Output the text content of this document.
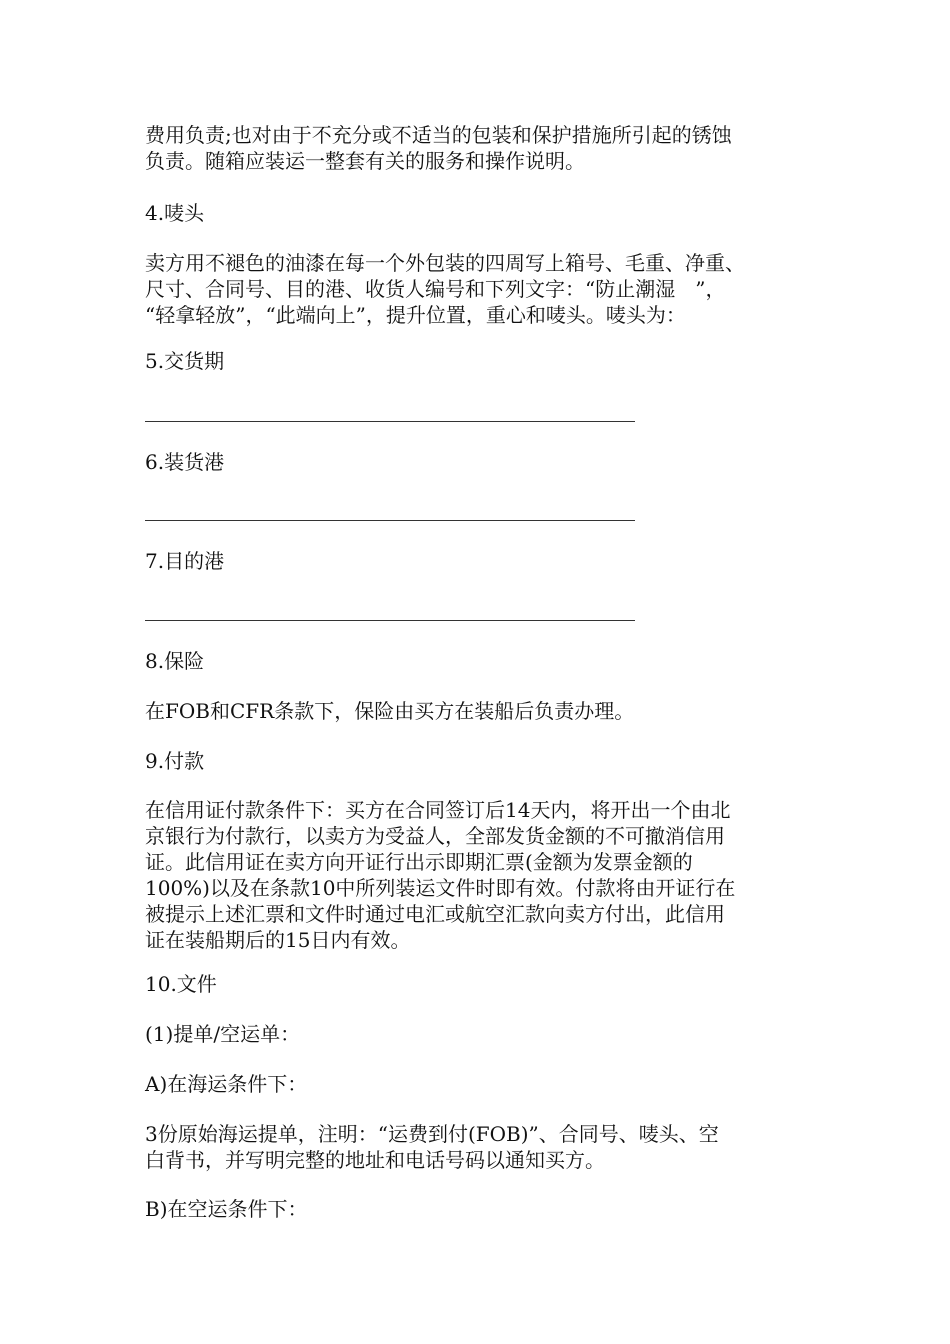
费用负责;也对由于不充分或不适当的包装和保护措施所引起的锈蚀
负责。随箱应装运一整套有关的服务和操作说明。

4.唛头

卖方用不褪色的油漆在每一个外包装的四周写上箱号、毛重、净重、
尺寸、合同号、目的港、收货人编号和下列文字：“防止潮湿　”，
“轻拿轻放”，“此端向上”，提升位置，重心和唛头。唛头为：

5.交货期

6.装货港

7.目的港

8.保险

在FOB和CFR条款下，保险由买方在装船后负责办理。

9.付款

在信用证付款条件下：买方在合同签订后14天内，将开出一个由北
京银行为付款行，以卖方为受益人，全部发货金额的不可撤消信用
证。此信用证在卖方向开证行出示即期汇票(金额为发票金额的
100%)以及在条款10中所列装运文件时即有效。付款将由开证行在
被提示上述汇票和文件时通过电汇或航空汇款向卖方付出，此信用
证在装船期后的15日内有效。

10.文件

(1)提单/空运单：

A)在海运条件下：

3份原始海运提单，注明：“运费到付(FOB)”、合同号、唛头、空
白背书，并写明完整的地址和电话号码以通知买方。

B)在空运条件下：
